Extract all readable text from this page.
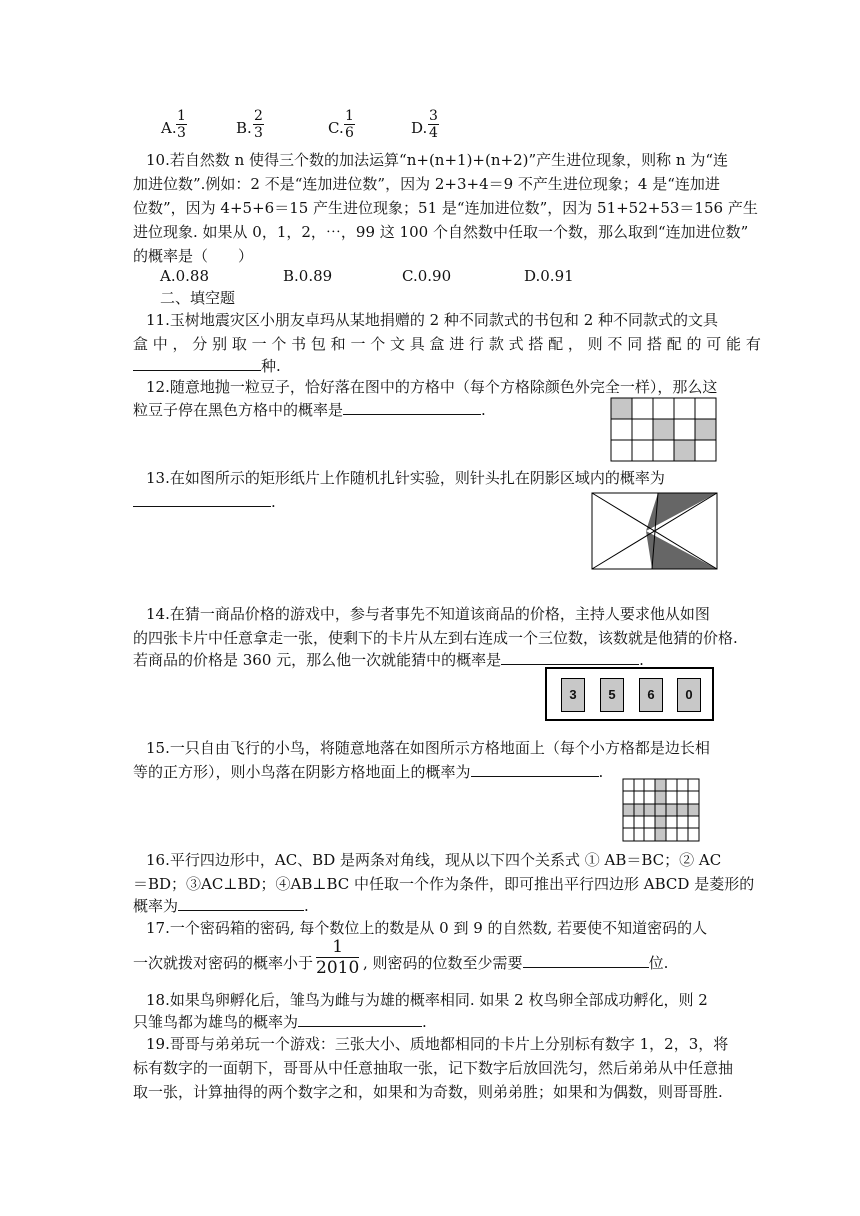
A. $\frac{1}{3}$	B. $\frac{2}{3}$	C. $\frac{1}{6}$	D. $\frac{3}{4}$
10.若自然数 n 使得三个数的加法运算“n+(n+1)+(n+2)”产生进位现象，则称 n 为“连
加进位数”.例如：2 不是“连加进位数”，因为 2+3+4＝9 不产生进位现象；4 是“连加进
位数”，因为 4+5+6＝15 产生进位现象；51 是“连加进位数”，因为 51+52+53＝156 产生
进位现象. 如果从 0，1，2，⋯，99 这 100 个自然数中任取一个数，那么取到“连加进位数”
的概率是（　　）
A.0.88	B.0.89	C.0.90	D.0.91
二、填空题
11.玉树地震灾区小朋友卓玛从某地捐赠的 2 种不同款式的书包和 2 种不同款式的文具
盒 中 ， 分 别 取 一 个 书 包 和 一 个 文 具 盒 进 行 款 式 搭 配 ， 则 不 同 搭 配 的 可 能 有
种.
12.随意地抛一粒豆子，恰好落在图中的方格中（每个方格除颜色外完全一样），那么这
粒豆子停在黑色方格中的概率是	.
13.在如图所示的矩形纸片上作随机扎针实验，则针头扎在阴影区域内的概率为
.
14.在猜一商品价格的游戏中，参与者事先不知道该商品的价格，主持人要求他从如图
的四张卡片中任意拿走一张，使剩下的卡片从左到右连成一个三位数，该数就是他猜的价格.
若商品的价格是 360 元，那么他一次就能猜中的概率是	.
3	5	6	0
15.一只自由飞行的小鸟，将随意地落在如图所示方格地面上（每个小方格都是边长相
等的正方形），则小鸟落在阴影方格地面上的概率为	.
16.平行四边形中，AC、BD 是两条对角线，现从以下四个关系式 ① AB＝BC；② AC
＝BD；③AC⊥BD；④AB⊥BC 中任取一个作为条件，即可推出平行四边形 ABCD 是菱形的
概率为	.
17.一个密码箱的密码, 每个数位上的数是从 0 到 9 的自然数, 若要使不知道密码的人
一次就拨对密码的概率小于	, 则密码的位数至少需要	位.
$\frac{1}{2010}$
18.如果鸟卵孵化后，雏鸟为雌与为雄的概率相同. 如果 2 枚鸟卵全部成功孵化，则 2
只雏鸟都为雄鸟的概率为	.
19.哥哥与弟弟玩一个游戏：三张大小、质地都相同的卡片上分别标有数字 1，2，3，将
标有数字的一面朝下，哥哥从中任意抽取一张，记下数字后放回洗匀，然后弟弟从中任意抽
取一张，计算抽得的两个数字之和，如果和为奇数，则弟弟胜；如果和为偶数，则哥哥胜.
